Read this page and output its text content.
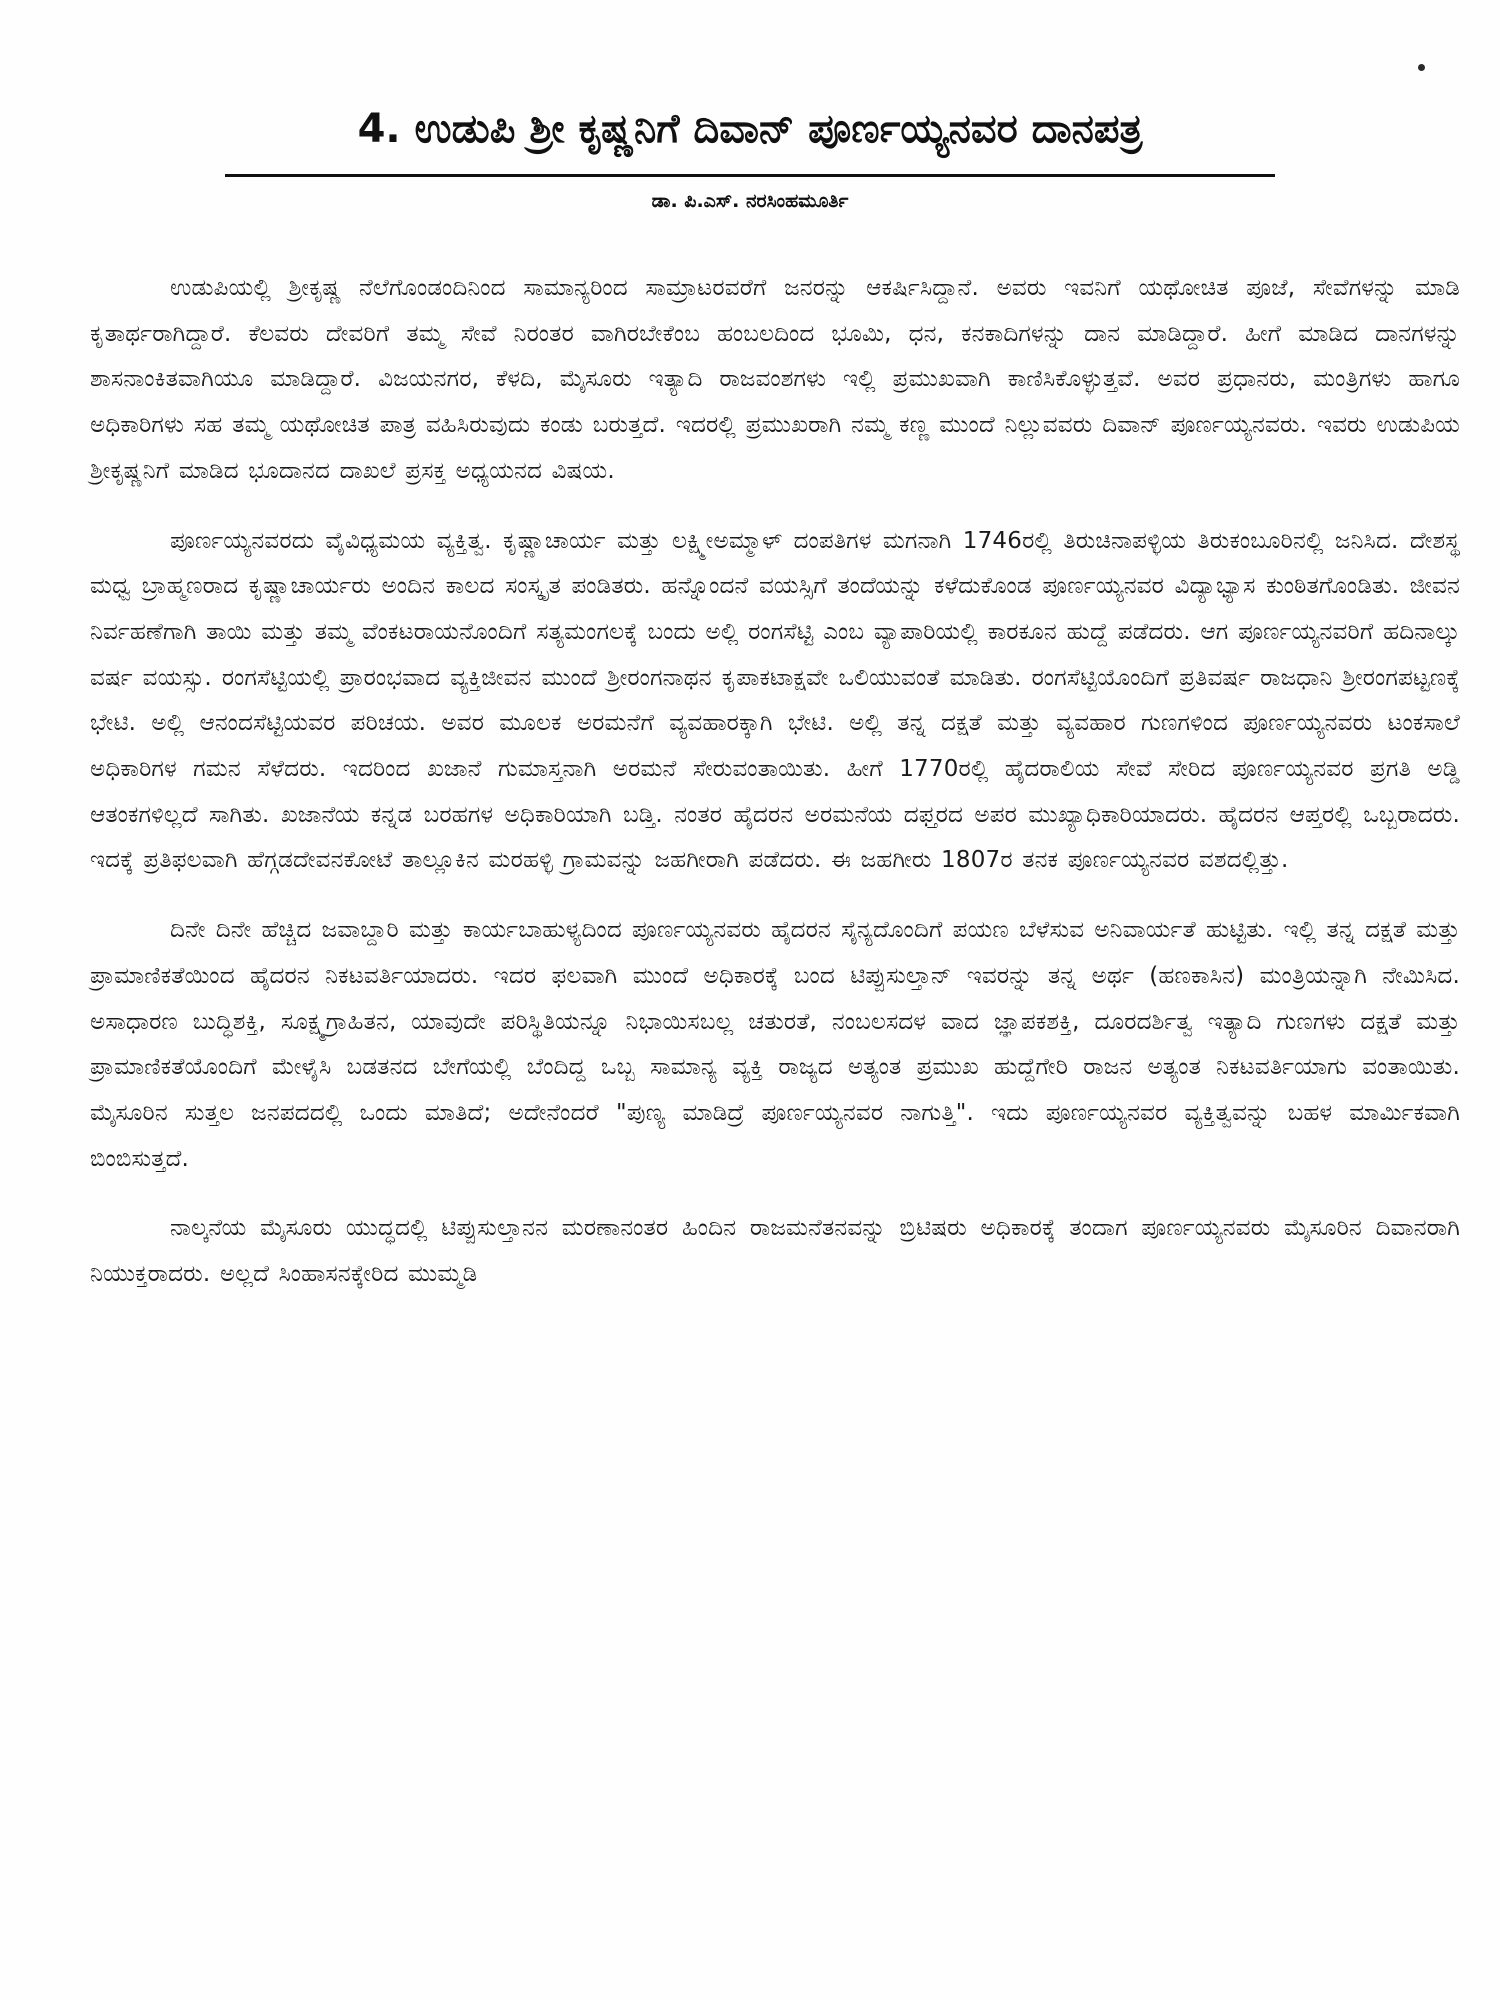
4. ಉಡುಪಿ ಶ್ರೀ ಕೃಷ್ಣನಿಗೆ ದಿವಾನ್ ಪೂರ್ಣಯ್ಯನವರ ದಾನಪತ್ರ
ಡಾ. ಪಿ.ಎಸ್. ನರಸಿಂಹಮೂರ್ತಿ

ಉಡುಪಿಯಲ್ಲಿ ಶ್ರೀಕೃಷ್ಣ ನೆಲೆಗೊಂಡಂದಿನಿಂದ ಸಾಮಾನ್ಯರಿಂದ ಸಾಮ್ರಾಟರವರೆಗೆ ಜನರನ್ನು ಆಕರ್ಷಿಸಿದ್ದಾನೆ. ಅವರು ಇವನಿಗೆ ಯಥೋಚಿತ ಪೂಜೆ, ಸೇವೆಗಳನ್ನು ಮಾಡಿ ಕೃತಾರ್ಥರಾಗಿದ್ದಾರೆ. ಕೆಲವರು ದೇವರಿಗೆ ತಮ್ಮ ಸೇವೆ ನಿರಂತರ ವಾಗಿರಬೇಕೆಂಬ ಹಂಬಲದಿಂದ ಭೂಮಿ, ಧನ, ಕನಕಾದಿಗಳನ್ನು ದಾನ ಮಾಡಿದ್ದಾರೆ. ಹೀಗೆ ಮಾಡಿದ ದಾನಗಳನ್ನು ಶಾಸನಾಂಕಿತವಾಗಿಯೂ ಮಾಡಿದ್ದಾರೆ. ವಿಜಯನಗರ, ಕೆಳದಿ, ಮೈಸೂರು ಇತ್ಯಾದಿ ರಾಜವಂಶಗಳು ಇಲ್ಲಿ ಪ್ರಮುಖವಾಗಿ ಕಾಣಿಸಿಕೊಳ್ಳುತ್ತವೆ. ಅವರ ಪ್ರಧಾನರು, ಮಂತ್ರಿಗಳು ಹಾಗೂ ಅಧಿಕಾರಿಗಳು ಸಹ ತಮ್ಮ ಯಥೋಚಿತ ಪಾತ್ರ ವಹಿಸಿರುವುದು ಕಂಡು ಬರುತ್ತದೆ. ಇದರಲ್ಲಿ ಪ್ರಮುಖರಾಗಿ ನಮ್ಮ ಕಣ್ಣ ಮುಂದೆ ನಿಲ್ಲುವವರು ದಿವಾನ್ ಪೂರ್ಣಯ್ಯನವರು. ಇವರು ಉಡುಪಿಯ ಶ್ರೀಕೃಷ್ಣನಿಗೆ ಮಾಡಿದ ಭೂದಾನದ ದಾಖಲೆ ಪ್ರಸಕ್ತ ಅಧ್ಯಯನದ ವಿಷಯ.

ಪೂರ್ಣಯ್ಯನವರದು ವೈವಿಧ್ಯಮಯ ವ್ಯಕ್ತಿತ್ವ. ಕೃಷ್ಣಾಚಾರ್ಯ ಮತ್ತು ಲಕ್ಷ್ಮೀಅಮ್ಮಾಳ್ ದಂಪತಿಗಳ ಮಗನಾಗಿ 1746ರಲ್ಲಿ ತಿರುಚಿನಾಪಳ್ಳಿಯ ತಿರುಕಂಬೂರಿನಲ್ಲಿ ಜನಿಸಿದ. ದೇಶಸ್ಥ ಮಧ್ವ ಬ್ರಾಹ್ಮಣರಾದ ಕೃಷ್ಣಾಚಾರ್ಯರು ಅಂದಿನ ಕಾಲದ ಸಂಸ್ಕೃತ ಪಂಡಿತರು. ಹನ್ನೊಂದನೆ ವಯಸ್ಸಿಗೆ ತಂದೆಯನ್ನು ಕಳೆದುಕೊಂಡ ಪೂರ್ಣಯ್ಯನವರ ವಿದ್ಯಾಭ್ಯಾಸ ಕುಂಠಿತಗೊಂಡಿತು. ಜೀವನ ನಿರ್ವಹಣೆಗಾಗಿ ತಾಯಿ ಮತ್ತು ತಮ್ಮ ವೆಂಕಟರಾಯನೊಂದಿಗೆ ಸತ್ಯಮಂಗಲಕ್ಕೆ ಬಂದು ಅಲ್ಲಿ ರಂಗಸೆಟ್ಟಿ ಎಂಬ ವ್ಯಾಪಾರಿಯಲ್ಲಿ ಕಾರಕೂನ ಹುದ್ದೆ ಪಡೆದರು. ಆಗ ಪೂರ್ಣಯ್ಯನವರಿಗೆ ಹದಿನಾಲ್ಕು ವರ್ಷ ವಯಸ್ಸು. ರಂಗಸೆಟ್ಟಿಯಲ್ಲಿ ಪ್ರಾರಂಭವಾದ ವ್ಯಕ್ತಿಜೀವನ ಮುಂದೆ ಶ್ರೀರಂಗನಾಥನ ಕೃಪಾಕಟಾಕ್ಷವೇ ಒಲಿಯುವಂತೆ ಮಾಡಿತು. ರಂಗಸೆಟ್ಟಿಯೊಂದಿಗೆ ಪ್ರತಿವರ್ಷ ರಾಜಧಾನಿ ಶ್ರೀರಂಗಪಟ್ಟಣಕ್ಕೆ ಭೇಟಿ. ಅಲ್ಲಿ ಆನಂದಸೆಟ್ಟಿಯವರ ಪರಿಚಯ. ಅವರ ಮೂಲಕ ಅರಮನೆಗೆ ವ್ಯವಹಾರಕ್ಕಾಗಿ ಭೇಟಿ. ಅಲ್ಲಿ ತನ್ನ ದಕ್ಷತೆ ಮತ್ತು ವ್ಯವಹಾರ ಗುಣಗಳಿಂದ ಪೂರ್ಣಯ್ಯನವರು ಟಂಕಸಾಲೆ ಅಧಿಕಾರಿಗಳ ಗಮನ ಸೆಳೆದರು. ಇದರಿಂದ ಖಜಾನೆ ಗುಮಾಸ್ತನಾಗಿ ಅರಮನೆ ಸೇರುವಂತಾಯಿತು. ಹೀಗೆ 1770ರಲ್ಲಿ ಹೈದರಾಲಿಯ ಸೇವೆ ಸೇರಿದ ಪೂರ್ಣಯ್ಯನವರ ಪ್ರಗತಿ ಅಡ್ಡಿ ಆತಂಕಗಳಿಲ್ಲದೆ ಸಾಗಿತು. ಖಜಾನೆಯ ಕನ್ನಡ ಬರಹಗಳ ಅಧಿಕಾರಿಯಾಗಿ ಬಡ್ತಿ. ನಂತರ ಹೈದರನ ಅರಮನೆಯ ದಫ್ತರದ ಅಪರ ಮುಖ್ಯಾಧಿಕಾರಿಯಾದರು. ಹೈದರನ ಆಪ್ತರಲ್ಲಿ ಒಬ್ಬರಾದರು. ಇದಕ್ಕೆ ಪ್ರತಿಫಲವಾಗಿ ಹೆಗ್ಗಡದೇವನಕೋಟೆ ತಾಲ್ಲೂಕಿನ ಮರಹಳ್ಳಿ ಗ್ರಾಮವನ್ನು ಜಹಗೀರಾಗಿ ಪಡೆದರು. ಈ ಜಹಗೀರು 1807ರ ತನಕ ಪೂರ್ಣಯ್ಯನವರ ವಶದಲ್ಲಿತ್ತು.

ದಿನೇ ದಿನೇ ಹೆಚ್ಚಿದ ಜವಾಬ್ದಾರಿ ಮತ್ತು ಕಾರ್ಯಬಾಹುಳ್ಯದಿಂದ ಪೂರ್ಣಯ್ಯನವರು ಹೈದರನ ಸೈನ್ಯದೊಂದಿಗೆ ಪಯಣ ಬೆಳೆಸುವ ಅನಿವಾರ್ಯತೆ ಹುಟ್ಟಿತು. ಇಲ್ಲಿ ತನ್ನ ದಕ್ಷತೆ ಮತ್ತು ಪ್ರಾಮಾಣಿಕತೆಯಿಂದ ಹೈದರನ ನಿಕಟವರ್ತಿಯಾದರು. ಇದರ ಫಲವಾಗಿ ಮುಂದೆ ಅಧಿಕಾರಕ್ಕೆ ಬಂದ ಟಿಪ್ಪುಸುಲ್ತಾನ್ ಇವರನ್ನು ತನ್ನ ಅರ್ಥ (ಹಣಕಾಸಿನ) ಮಂತ್ರಿಯನ್ನಾಗಿ ನೇಮಿಸಿದ. ಅಸಾಧಾರಣ ಬುದ್ಧಿಶಕ್ತಿ, ಸೂಕ್ಷ್ಮಗ್ರಾಹಿತನ, ಯಾವುದೇ ಪರಿಸ್ಥಿತಿಯನ್ನೂ ನಿಭಾಯಿಸಬಲ್ಲ ಚತುರತೆ, ನಂಬಲಸದಳ ವಾದ ಜ್ಞಾಪಕಶಕ್ತಿ, ದೂರದರ್ಶಿತ್ವ ಇತ್ಯಾದಿ ಗುಣಗಳು ದಕ್ಷತೆ ಮತ್ತು ಪ್ರಾಮಾಣಿಕತೆಯೊಂದಿಗೆ ಮೇಳೈಸಿ ಬಡತನದ ಬೇಗೆಯಲ್ಲಿ ಬೆಂದಿದ್ದ ಒಬ್ಬ ಸಾಮಾನ್ಯ ವ್ಯಕ್ತಿ ರಾಜ್ಯದ ಅತ್ಯಂತ ಪ್ರಮುಖ ಹುದ್ದೆಗೇರಿ ರಾಜನ ಅತ್ಯಂತ ನಿಕಟವರ್ತಿಯಾಗು ವಂತಾಯಿತು. ಮೈಸೂರಿನ ಸುತ್ತಲ ಜನಪದದಲ್ಲಿ ಒಂದು ಮಾತಿದೆ; ಅದೇನೆಂದರೆ "ಪುಣ್ಯ ಮಾಡಿದ್ರೆ ಪೂರ್ಣಯ್ಯನವರ ನಾಗುತ್ತಿ". ಇದು ಪೂರ್ಣಯ್ಯನವರ ವ್ಯಕ್ತಿತ್ವವನ್ನು ಬಹಳ ಮಾರ್ಮಿಕವಾಗಿ ಬಿಂಬಿಸುತ್ತದೆ.

ನಾಲ್ಕನೆಯ ಮೈಸೂರು ಯುದ್ಧದಲ್ಲಿ ಟಿಪ್ಪುಸುಲ್ತಾನನ ಮರಣಾನಂತರ ಹಿಂದಿನ ರಾಜಮನೆತನವನ್ನು ಬ್ರಿಟಿಷರು ಅಧಿಕಾರಕ್ಕೆ ತಂದಾಗ ಪೂರ್ಣಯ್ಯನವರು ಮೈಸೂರಿನ ದಿವಾನರಾಗಿ ನಿಯುಕ್ತರಾದರು. ಅಲ್ಲದೆ ಸಿಂಹಾಸನಕ್ಕೇರಿದ ಮುಮ್ಮಡಿ
